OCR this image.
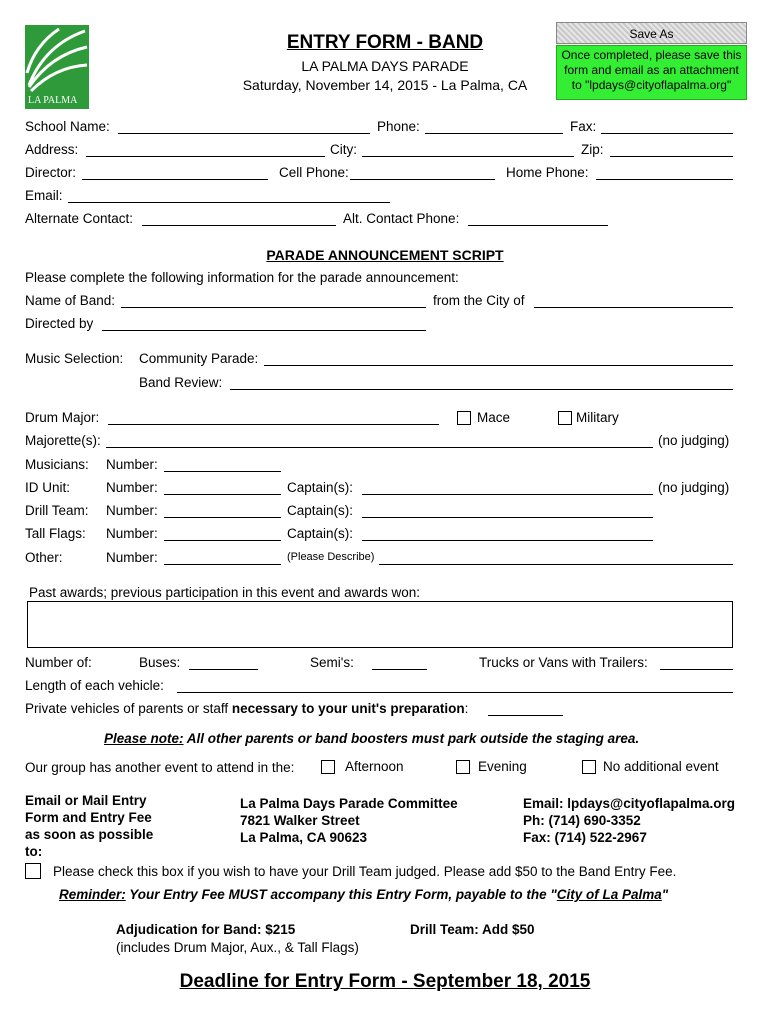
LA PALMA
ENTRY FORM - BAND
LA PALMA DAYS PARADE
Saturday, November 14, 2015 - La Palma, CA
Save As
Once completed, please save this
form and email as an attachment
to "lpdays@cityoflapalma.org"
School Name:	Phone:	Fax:
Address:	City:	Zip:
Director:	Cell Phone:	Home Phone:
Email:
Alternate Contact:	Alt. Contact Phone:
PARADE ANNOUNCEMENT SCRIPT
Please complete the following information for the parade announcement:
Name of Band:	from the City of
Directed by
Music Selection: Community Parade:
Band Review:
Drum Major:	Mace	Military
Majorette(s):	(no judging)
Musicians: Number:
ID Unit:	Number:	Captain(s):	(no judging)
Drill Team: Number:	Captain(s):
Tall Flags: Number:	Captain(s):
Other:	Number:	(Please Describe)
Past awards; previous participation in this event and awards won:
Number of:	Buses:	Semi's:	Trucks or Vans with Trailers:
Length of each vehicle:
Private vehicles of parents or staff necessary to your unit's preparation:
Please note: All other parents or band boosters must park outside the staging area.
Our group has another event to attend in the:	Afternoon	Evening	No additional event
Email or Mail Entry
Form and Entry Fee
as soon as possible
to:
La Palma Days Parade Committee
7821 Walker Street
La Palma, CA 90623
Email: lpdays@cityoflapalma.org
Ph: (714) 690-3352
Fax: (714) 522-2967
Please check this box if you wish to have your Drill Team judged. Please add $50 to the Band Entry Fee.
Reminder: Your Entry Fee MUST accompany this Entry Form, payable to the "City of La Palma"
Adjudication for Band: $215
(includes Drum Major, Aux., & Tall Flags)
Drill Team: Add $50
Deadline for Entry Form - September 18, 2015
